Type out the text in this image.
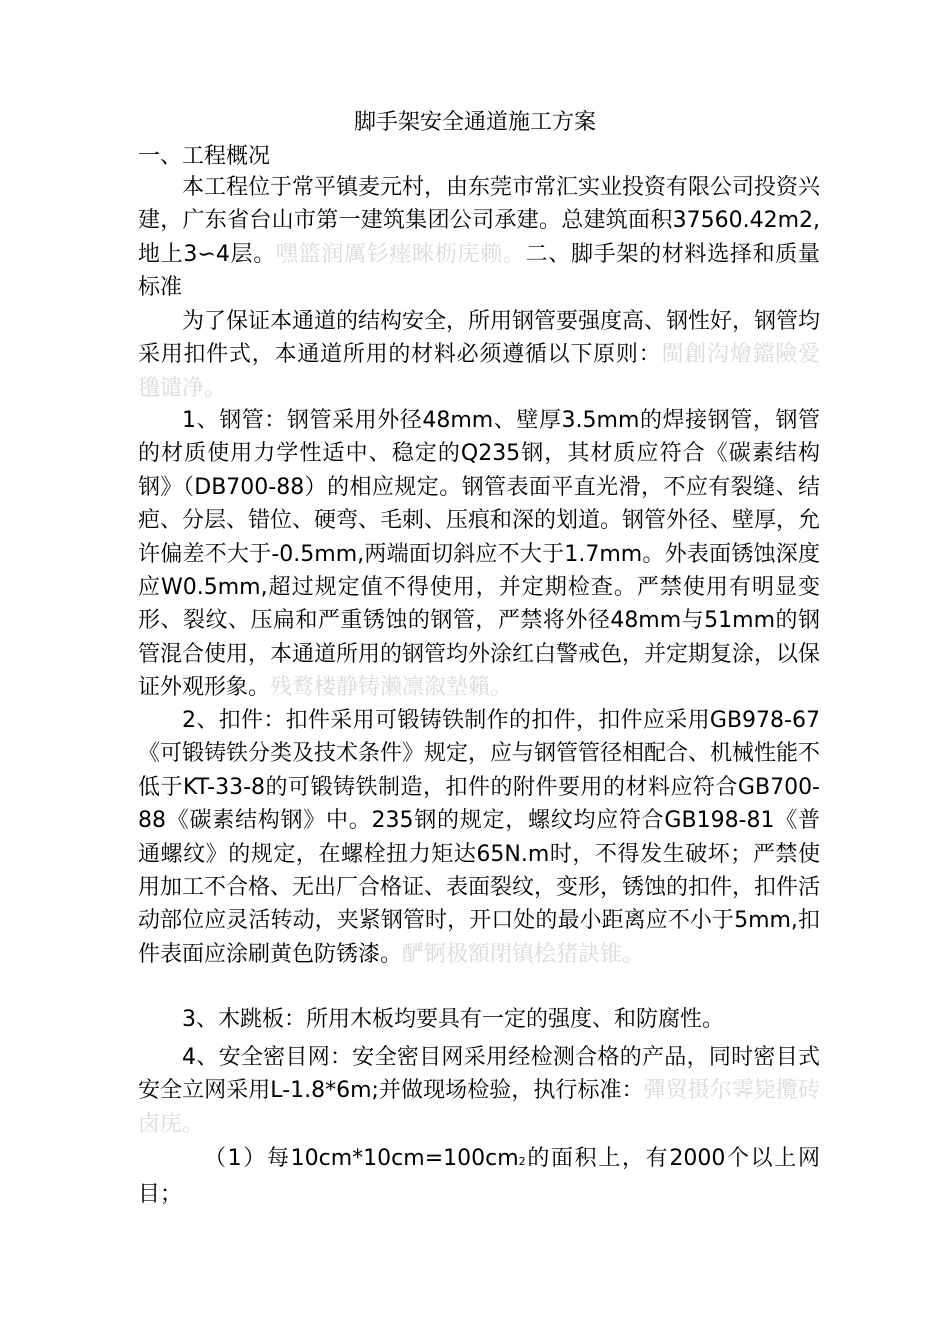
脚手架安全通道施工方案
一、工程概况

本工程位于常平镇麦元村，由东莞市常汇实业投资有限公司投资兴建，广东省台山市第一建筑集团公司承建。总建筑面积37560.42m2,地上3∽4层。嘿篮润厲钐瘗睞枥庑赖。二、脚手架的材料选择和质量标准

为了保证本通道的结构安全，所用钢管要强度高、钢性好，钢管均采用扣件式，本通道所用的材料必须遵循以下原则：閩創沟燴鐺險爱氇谴净。

1、钢管：钢管采用外径48mm、壁厚3.5mm的焊接钢管，钢管的材质使用力学性适中、稳定的Q235钢，其材质应符合《碳素结构钢》（DB700-88）的相应规定。钢管表面平直光滑，不应有裂缝、结疤、分层、错位、硬弯、毛刺、压痕和深的划道。钢管外径、壁厚，允许偏差不大于-0.5mm,两端面切斜应不大于1.7mm。外表面锈蚀深度应W0.5mm,超过规定值不得使用，并定期检查。严禁使用有明显变形、裂纹、压扁和严重锈蚀的钢管，严禁将外径48mm与51mm的钢管混合使用，本通道所用的钢管均外涂红白警戒色，并定期复涂，以保证外观形象。残鹜楼静铸濑凛溆墊籟。

2、扣件：扣件采用可锻铸铁制作的扣件，扣件应采用GB978-67《可锻铸铁分类及技术条件》规定，应与钢管管径相配合、机械性能不低于KT-33-8的可锻铸铁制造，扣件的附件要用的材料应符合GB700-88《碳素结构钢》中。235钢的规定，螺纹均应符合GB198-81《普通螺纹》的规定，在螺栓扭力矩达65N.m时，不得发生破坏；严禁使用加工不合格、无出厂合格证、表面裂纹，变形，锈蚀的扣件，扣件活动部位应灵活转动，夹紧钢管时，开口处的最小距离应不小于5mm,扣件表面应涂刷黄色防锈漆。酽锕极額閉镇桧猪訣锥。

3、木跳板：所用木板均要具有一定的强度、和防腐性。

4、安全密目网：安全密目网采用经检测合格的产品，同时密目式安全立网采用L-1.8*6m;并做现场检验，执行标准：彈贸摄尔霁毙攬砖卤庑。

（1）每10cm*10cm=100cm2的面积上，有2000个以上网目；
